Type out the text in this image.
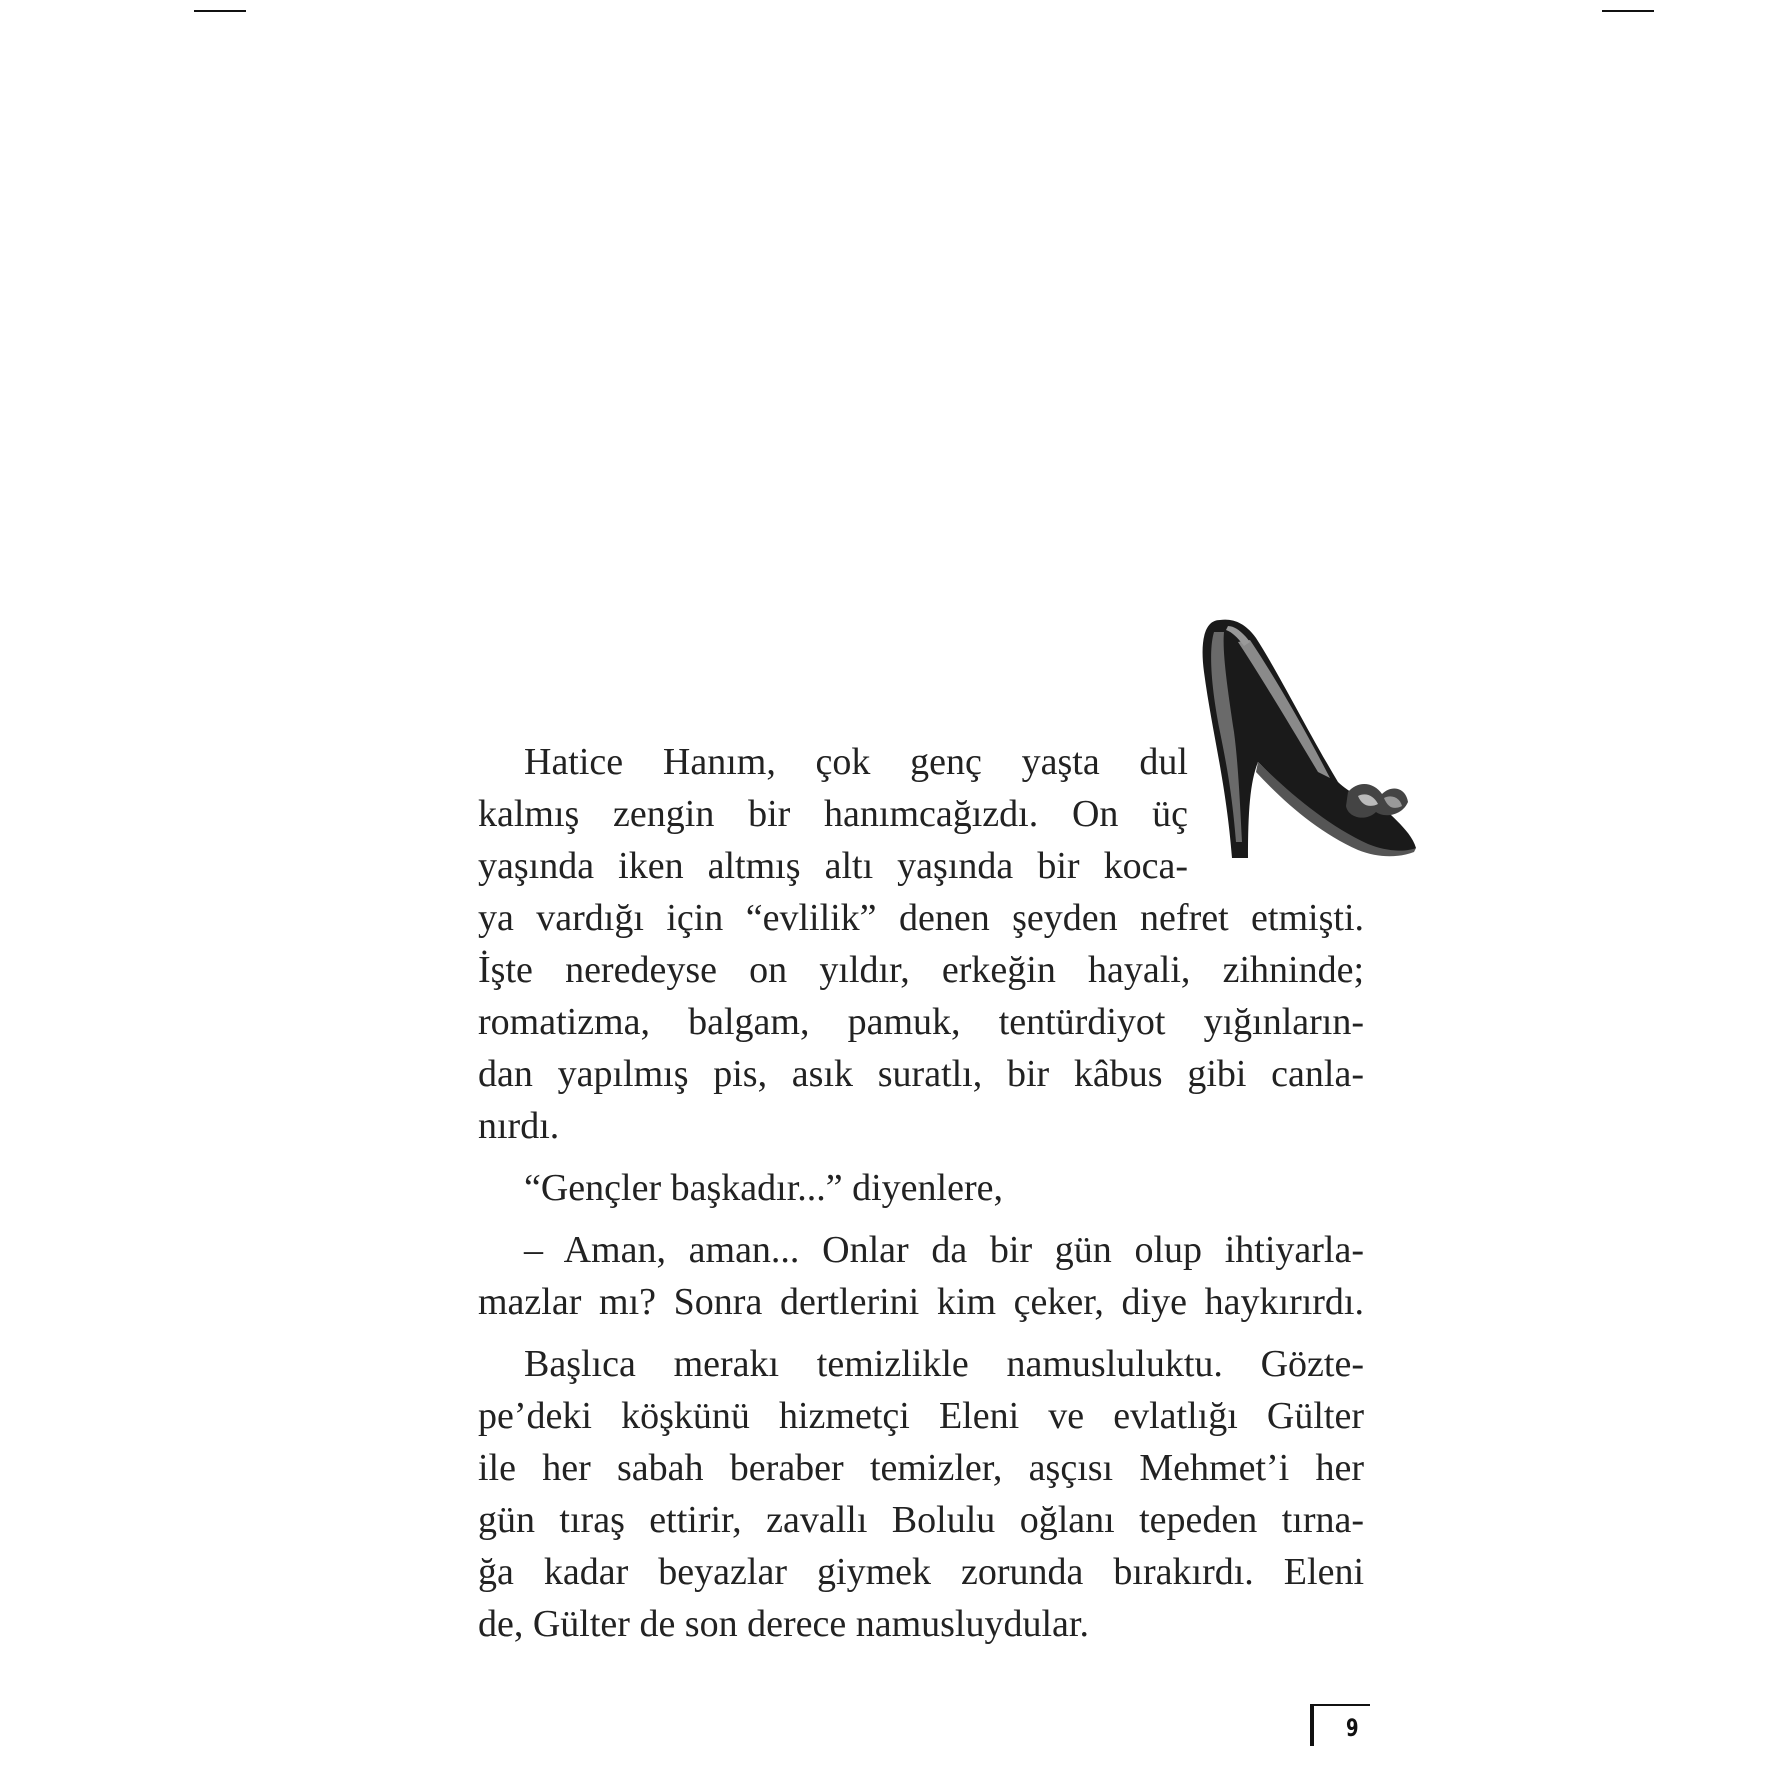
Hatice Hanım, çok genç yaşta dul
kalmış zengin bir hanımcağızdı. On üç
yaşında iken altmış altı yaşında bir koca-
ya vardığı için “evlilik” denen şeyden nefret etmişti.
İşte neredeyse on yıldır, erkeğin hayali, zihninde;
romatizma, balgam, pamuk, tentürdiyot yığınların-
dan yapılmış pis, asık suratlı, bir kâbus gibi canla-
nırdı.
“Gençler başkadır...” diyenlere,
– Aman, aman... Onlar da bir gün olup ihtiyarla-
mazlar mı? Sonra dertlerini kim çeker, diye haykırırdı.
Başlıca merakı temizlikle namusluluktu. Göztе-
pe’deki köşkünü hizmetçi Eleni ve evlatlığı Gülter
ile her sabah beraber temizler, aşçısı Mehmet’i her
gün tıraş ettirir, zavallı Bolulu oğlanı tepeden tırna-
ğa kadar beyazlar giymek zorunda bırakırdı. Eleni
de, Gülter de son derece namusluydular.
9
